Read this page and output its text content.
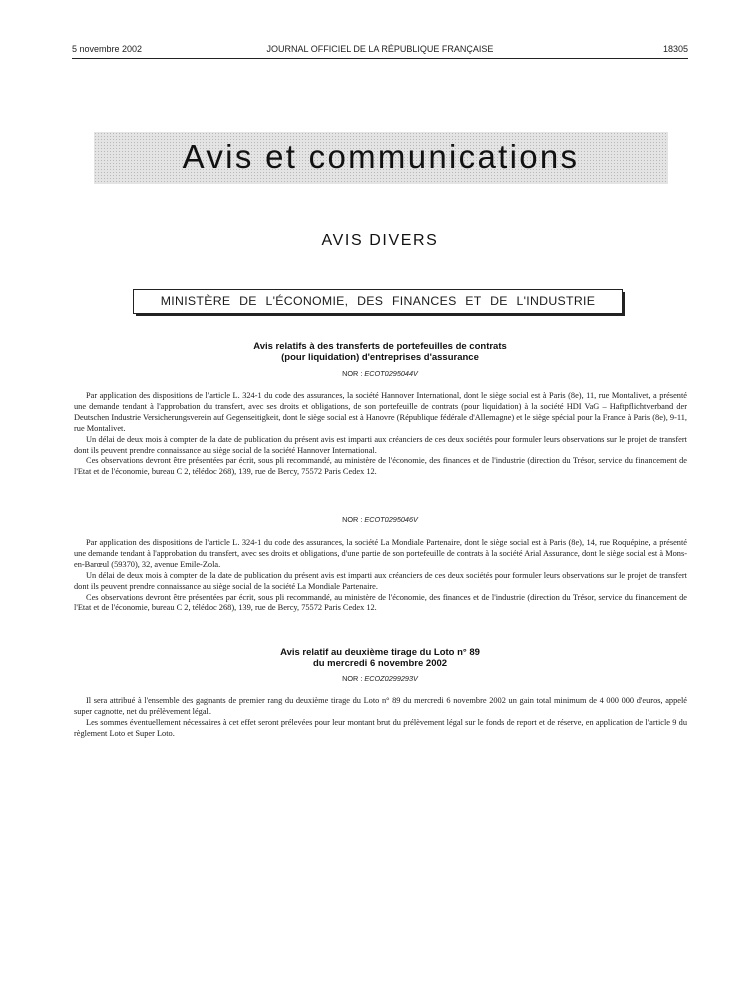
5 novembre 2002	JOURNAL OFFICIEL DE LA RÉPUBLIQUE FRANÇAISE	18305
Avis et communications
AVIS DIVERS
MINISTÈRE DE L'ÉCONOMIE, DES FINANCES ET DE L'INDUSTRIE
Avis relatifs à des transferts de portefeuilles de contrats
(pour liquidation) d'entreprises d'assurance
NOR : ECOT0295044V

Par application des dispositions de l'article L. 324-1 du code des assurances, la société Hannover International, dont le siège social est à Paris (8e), 11, rue Montalivet, a présenté une demande tendant à l'approbation du transfert, avec ses droits et obligations, de son portefeuille de contrats (pour liquidation) à la société HDI VaG – Haftpflichtverband der Deutschen Industrie Versicherungsverein auf Gegenseitigkeit, dont le siège social est à Hanovre (République fédérale d'Allemagne) et le siège spécial pour la France à Paris (8e), 9-11, rue Montalivet.

Un délai de deux mois à compter de la date de publication du présent avis est imparti aux créanciers de ces deux sociétés pour formuler leurs observations sur le projet de transfert dont ils peuvent prendre connaissance au siège social de la société Hannover International.

Ces observations devront être présentées par écrit, sous pli recommandé, au ministère de l'économie, des finances et de l'industrie (direction du Trésor, service du financement de l'Etat et de l'économie, bureau C 2, télédoc 268), 139, rue de Bercy, 75572 Paris Cedex 12.

NOR : ECOT0295046V

Par application des dispositions de l'article L. 324-1 du code des assurances, la société La Mondiale Partenaire, dont le siège social est à Paris (8e), 14, rue Roquépine, a présenté une demande tendant à l'approbation du transfert, avec ses droits et obligations, d'une partie de son portefeuille de contrats à la société Arial Assurance, dont le siège social est à Mons-en-Barœul (59370), 32, avenue Emile-Zola.

Un délai de deux mois à compter de la date de publication du présent avis est imparti aux créanciers de ces deux sociétés pour formuler leurs observations sur le projet de transfert dont ils peuvent prendre connaissance au siège social de la société La Mondiale Partenaire.

Ces observations devront être présentées par écrit, sous pli recommandé, au ministère de l'économie, des finances et de l'industrie (direction du Trésor, service du financement de l'Etat et de l'économie, bureau C 2, télédoc 268), 139, rue de Bercy, 75572 Paris Cedex 12.

Avis relatif au deuxième tirage du Loto n° 89
du mercredi 6 novembre 2002
NOR : ECOZ0299293V

Il sera attribué à l'ensemble des gagnants de premier rang du deuxième tirage du Loto n° 89 du mercredi 6 novembre 2002 un gain total minimum de 4 000 000 d'euros, appelé super cagnotte, net du prélèvement légal.

Les sommes éventuellement nécessaires à cet effet seront prélevées pour leur montant brut du prélèvement légal sur le fonds de report et de réserve, en application de l'article 9 du règlement Loto et Super Loto.
